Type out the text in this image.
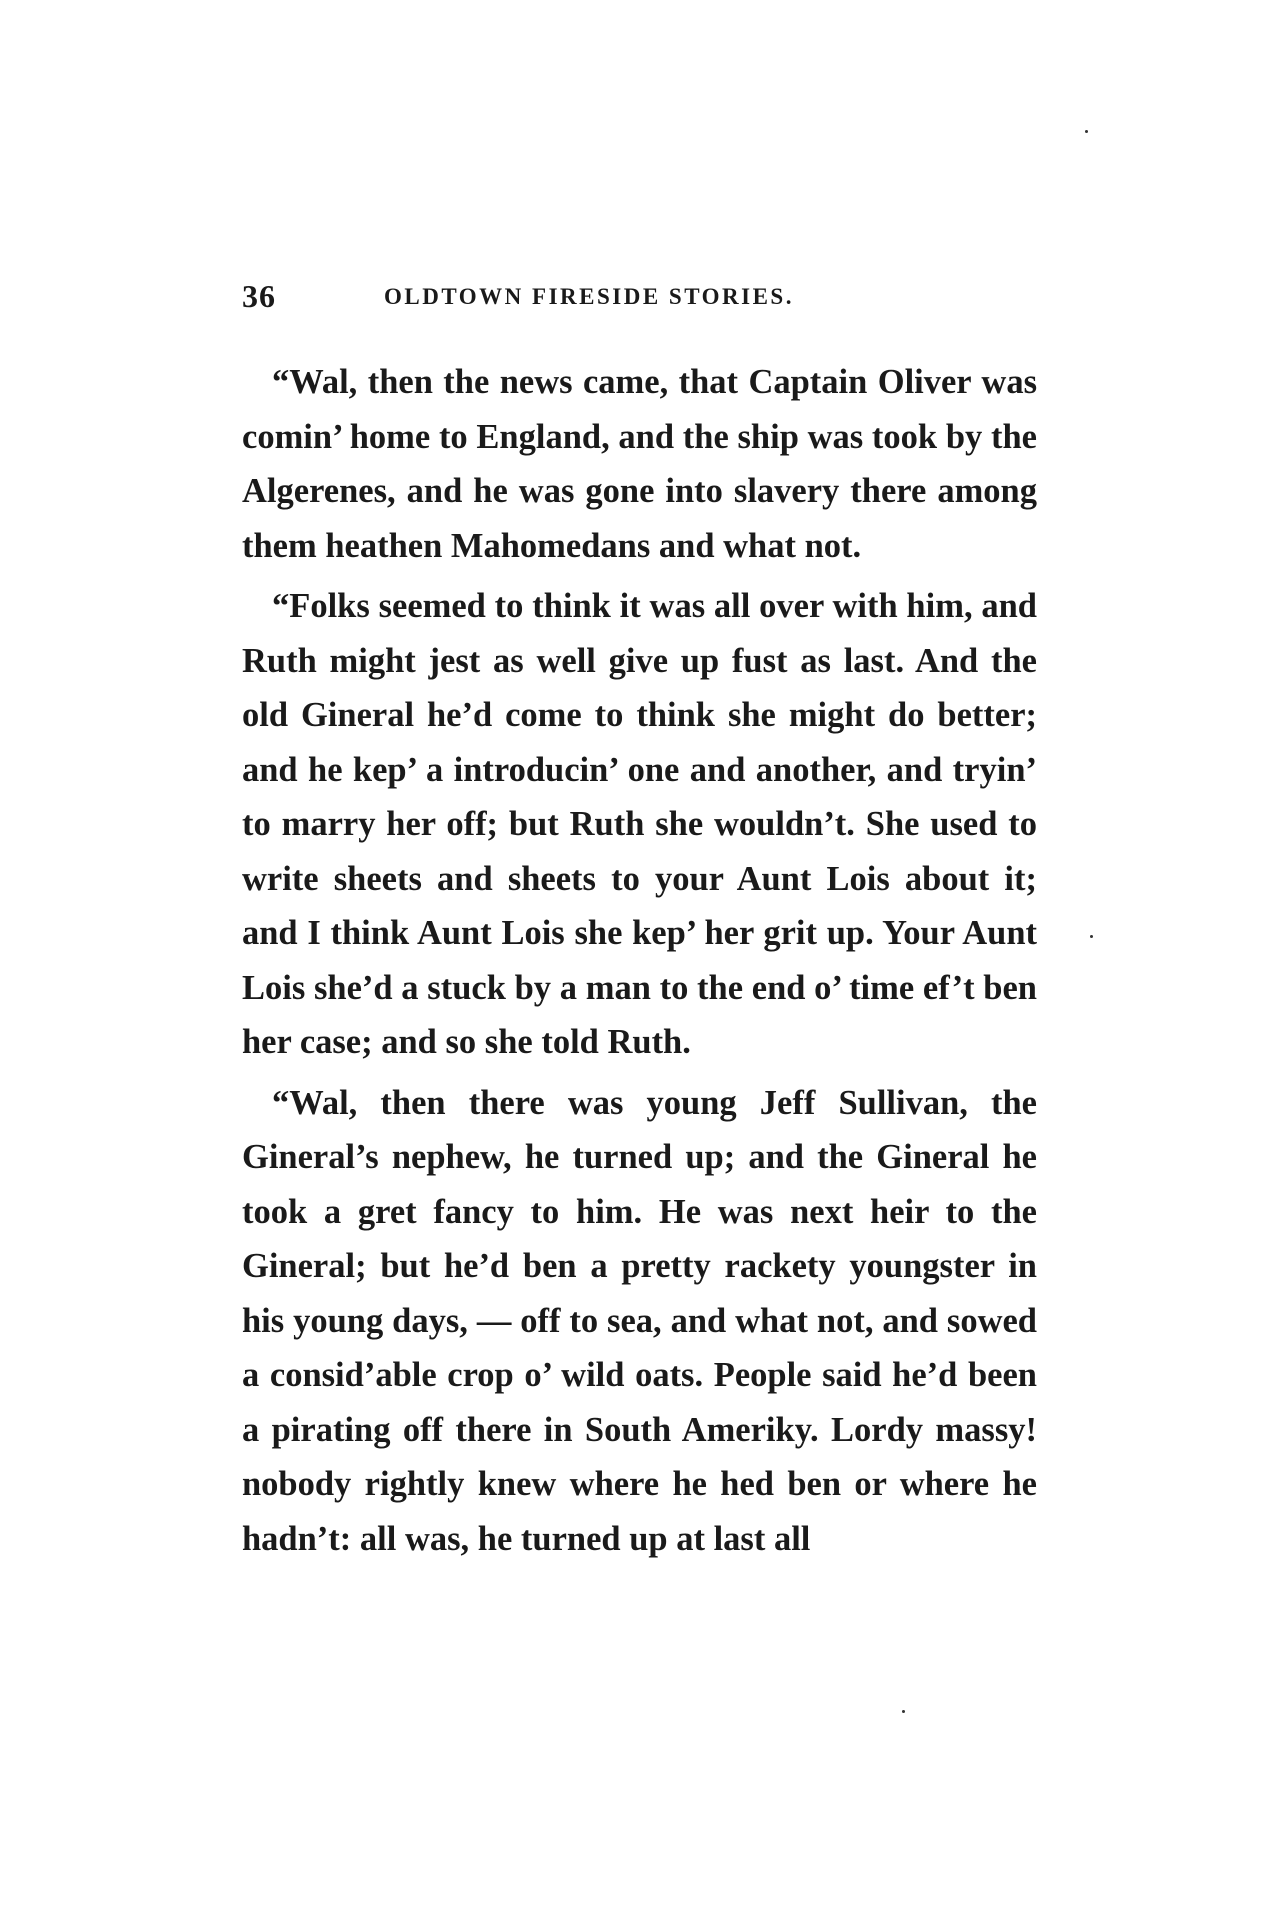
36	OLDTOWN FIRESIDE STORIES.

“Wal, then the news came, that Captain Oliver was comin’ home to England, and the ship was took by the Algerenes, and he was gone into slavery there among them heathen Mahomedans and what not.

“Folks seemed to think it was all over with him, and Ruth might jest as well give up fust as last. And the old Gineral he’d come to think she might do better; and he kep’ a introducin’ one and another, and tryin’ to marry her off; but Ruth she wouldn’t. She used to write sheets and sheets to your Aunt Lois about it; and I think Aunt Lois she kep’ her grit up. Your Aunt Lois she’d a stuck by a man to the end o’ time ef’t ben her case; and so she told Ruth.

“Wal, then there was young Jeff Sullivan, the Gineral’s nephew, he turned up; and the Gineral he took a gret fancy to him. He was next heir to the Gineral; but he’d ben a pretty rackety youngster in his young days, — off to sea, and what not, and sowed a consid’able crop o’ wild oats. People said he’d been a pirating off there in South Ameriky. Lordy massy! nobody rightly knew where he hed ben or where he hadn’t: all was, he turned up at last all
